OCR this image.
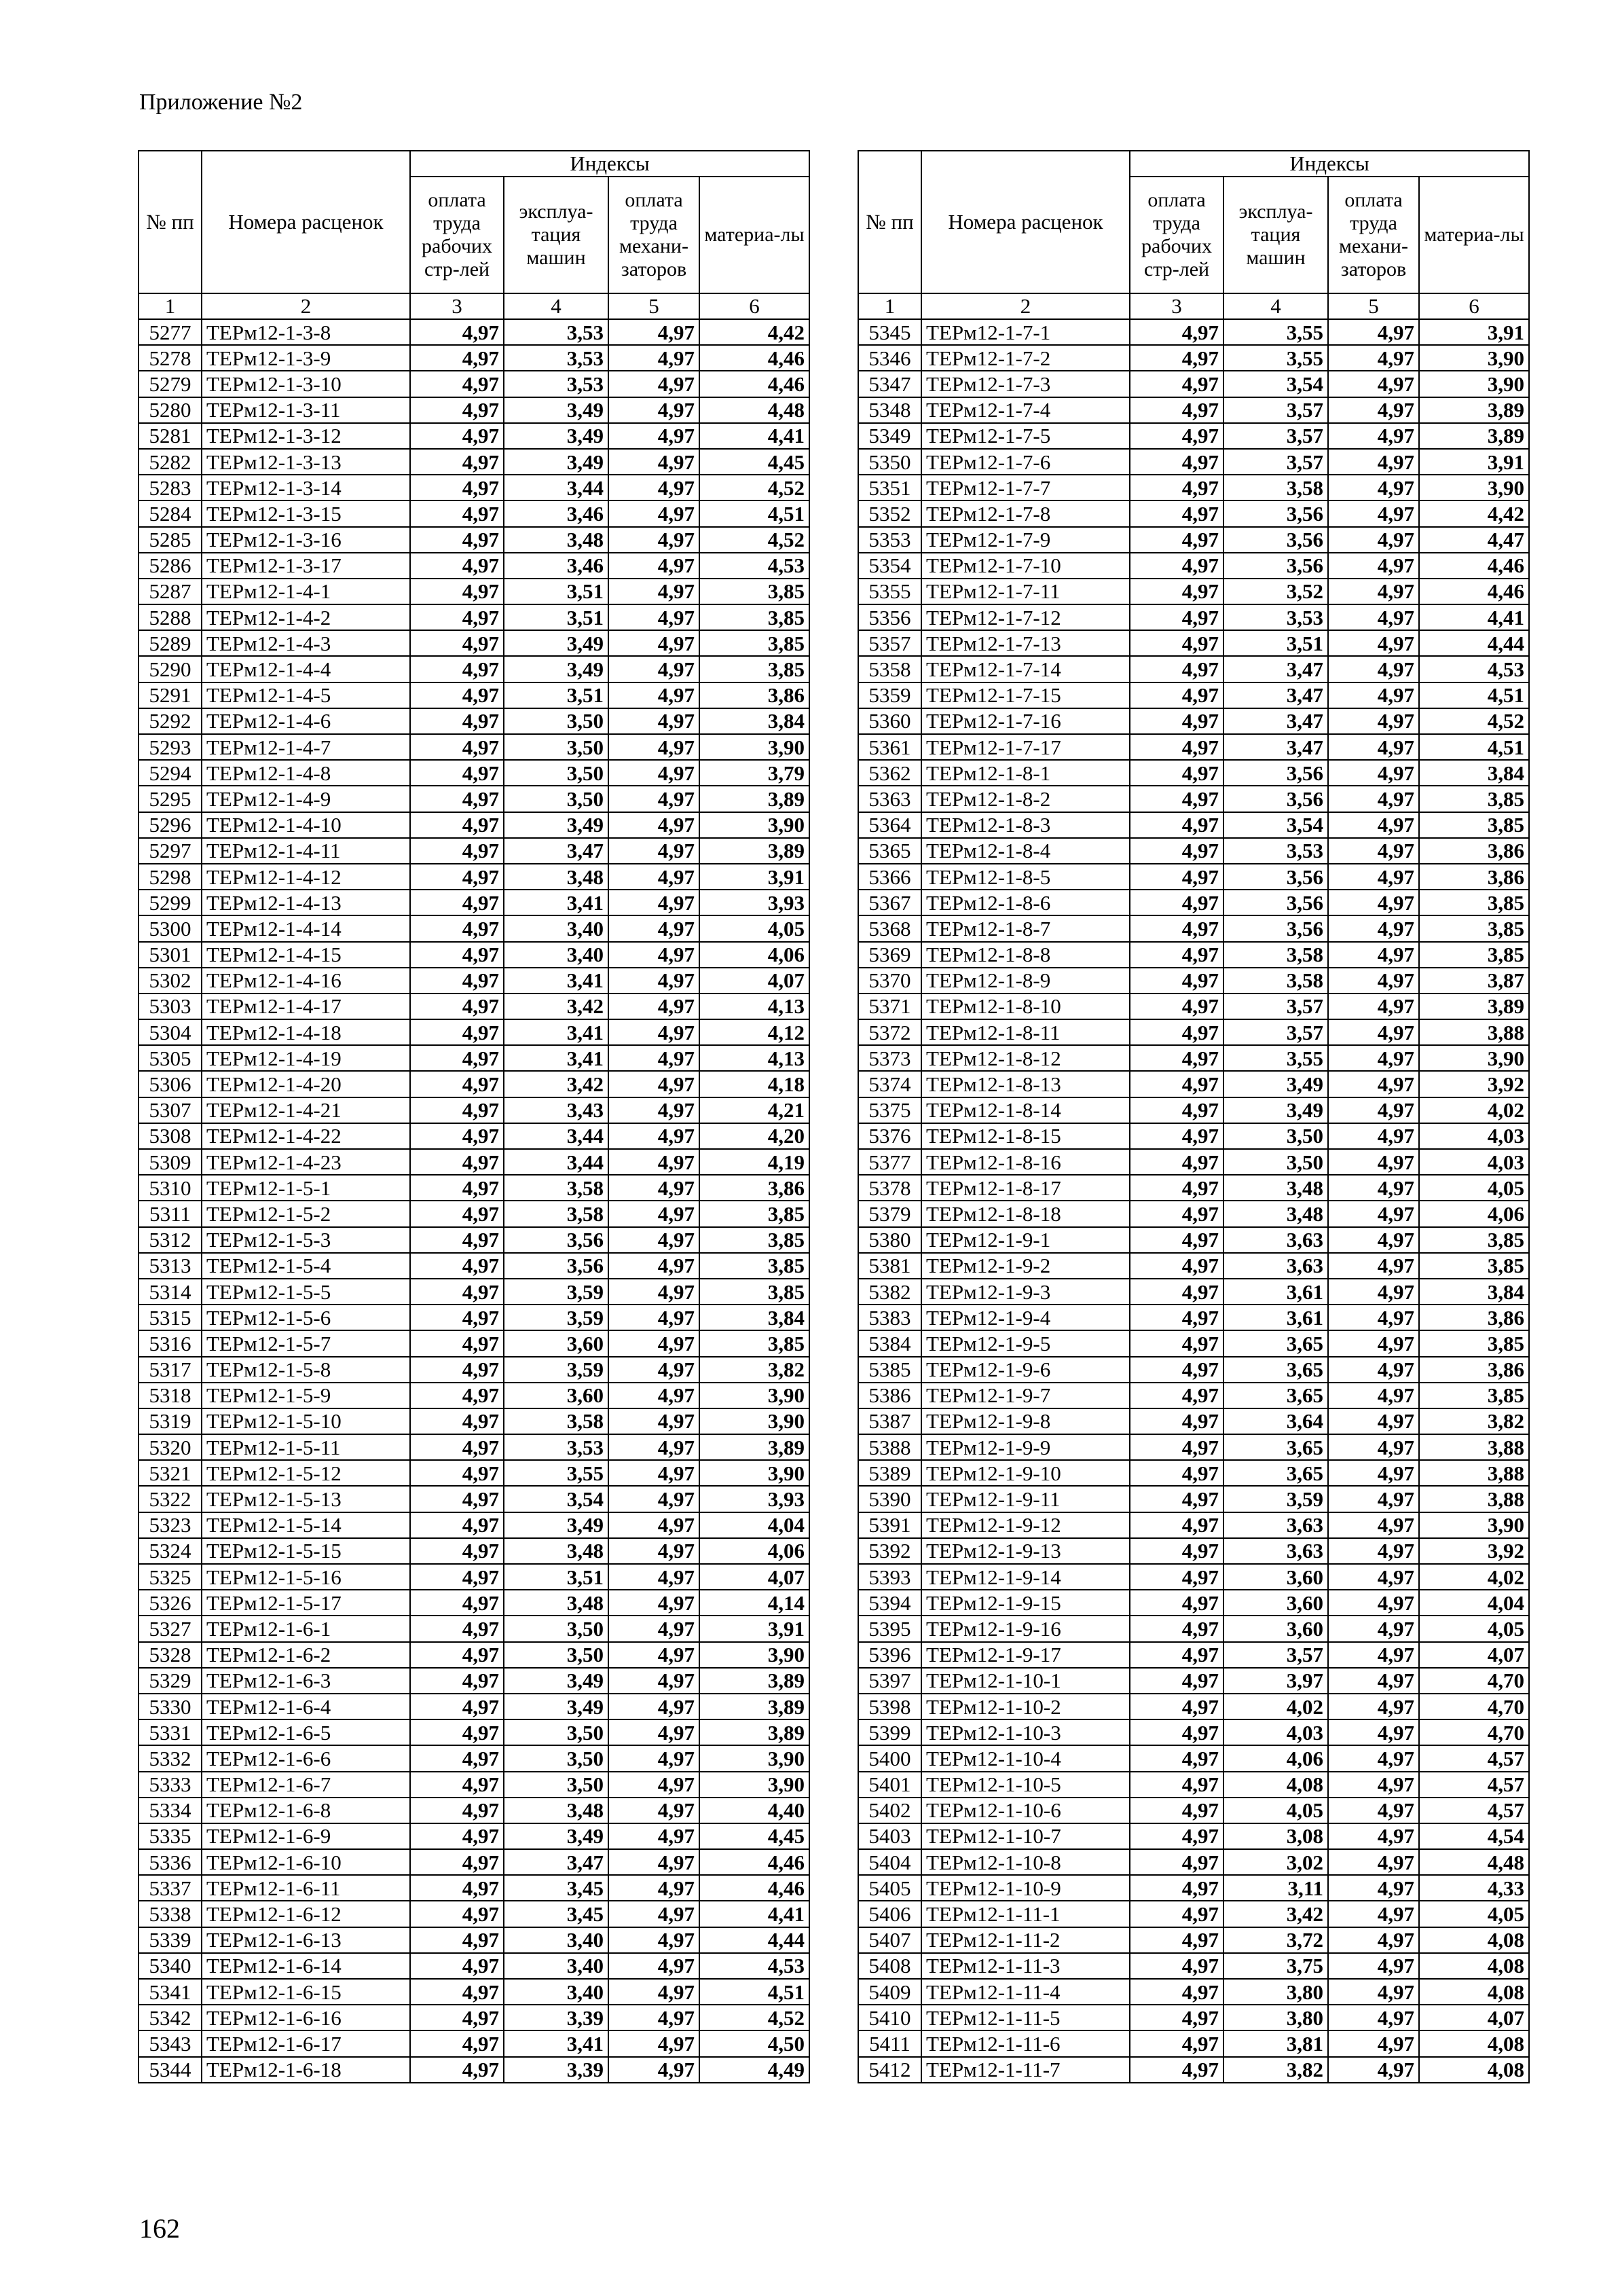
Приложение №2
№ пп	Номера расценок	Индексы			
		оплата труда рабочих стр-лей	эксплуа-тация машин	оплата труда механи-заторов	материа-лы
1	2	3	4	5	6
5277	ТЕРм12-1-3-8	4,97	3,53	4,97	4,42
5278	ТЕРм12-1-3-9	4,97	3,53	4,97	4,46
5279	ТЕРм12-1-3-10	4,97	3,53	4,97	4,46
5280	ТЕРм12-1-3-11	4,97	3,49	4,97	4,48
5281	ТЕРм12-1-3-12	4,97	3,49	4,97	4,41
5282	ТЕРм12-1-3-13	4,97	3,49	4,97	4,45
5283	ТЕРм12-1-3-14	4,97	3,44	4,97	4,52
5284	ТЕРм12-1-3-15	4,97	3,46	4,97	4,51
5285	ТЕРм12-1-3-16	4,97	3,48	4,97	4,52
5286	ТЕРм12-1-3-17	4,97	3,46	4,97	4,53
5287	ТЕРм12-1-4-1	4,97	3,51	4,97	3,85
5288	ТЕРм12-1-4-2	4,97	3,51	4,97	3,85
5289	ТЕРм12-1-4-3	4,97	3,49	4,97	3,85
5290	ТЕРм12-1-4-4	4,97	3,49	4,97	3,85
5291	ТЕРм12-1-4-5	4,97	3,51	4,97	3,86
5292	ТЕРм12-1-4-6	4,97	3,50	4,97	3,84
5293	ТЕРм12-1-4-7	4,97	3,50	4,97	3,90
5294	ТЕРм12-1-4-8	4,97	3,50	4,97	3,79
5295	ТЕРм12-1-4-9	4,97	3,50	4,97	3,89
5296	ТЕРм12-1-4-10	4,97	3,49	4,97	3,90
5297	ТЕРм12-1-4-11	4,97	3,47	4,97	3,89
5298	ТЕРм12-1-4-12	4,97	3,48	4,97	3,91
5299	ТЕРм12-1-4-13	4,97	3,41	4,97	3,93
5300	ТЕРм12-1-4-14	4,97	3,40	4,97	4,05
5301	ТЕРм12-1-4-15	4,97	3,40	4,97	4,06
5302	ТЕРм12-1-4-16	4,97	3,41	4,97	4,07
5303	ТЕРм12-1-4-17	4,97	3,42	4,97	4,13
5304	ТЕРм12-1-4-18	4,97	3,41	4,97	4,12
5305	ТЕРм12-1-4-19	4,97	3,41	4,97	4,13
5306	ТЕРм12-1-4-20	4,97	3,42	4,97	4,18
5307	ТЕРм12-1-4-21	4,97	3,43	4,97	4,21
5308	ТЕРм12-1-4-22	4,97	3,44	4,97	4,20
5309	ТЕРм12-1-4-23	4,97	3,44	4,97	4,19
5310	ТЕРм12-1-5-1	4,97	3,58	4,97	3,86
5311	ТЕРм12-1-5-2	4,97	3,58	4,97	3,85
5312	ТЕРм12-1-5-3	4,97	3,56	4,97	3,85
5313	ТЕРм12-1-5-4	4,97	3,56	4,97	3,85
5314	ТЕРм12-1-5-5	4,97	3,59	4,97	3,85
5315	ТЕРм12-1-5-6	4,97	3,59	4,97	3,84
5316	ТЕРм12-1-5-7	4,97	3,60	4,97	3,85
5317	ТЕРм12-1-5-8	4,97	3,59	4,97	3,82
5318	ТЕРм12-1-5-9	4,97	3,60	4,97	3,90
5319	ТЕРм12-1-5-10	4,97	3,58	4,97	3,90
5320	ТЕРм12-1-5-11	4,97	3,53	4,97	3,89
5321	ТЕРм12-1-5-12	4,97	3,55	4,97	3,90
5322	ТЕРм12-1-5-13	4,97	3,54	4,97	3,93
5323	ТЕРм12-1-5-14	4,97	3,49	4,97	4,04
5324	ТЕРм12-1-5-15	4,97	3,48	4,97	4,06
5325	ТЕРм12-1-5-16	4,97	3,51	4,97	4,07
5326	ТЕРм12-1-5-17	4,97	3,48	4,97	4,14
5327	ТЕРм12-1-6-1	4,97	3,50	4,97	3,91
5328	ТЕРм12-1-6-2	4,97	3,50	4,97	3,90
5329	ТЕРм12-1-6-3	4,97	3,49	4,97	3,89
5330	ТЕРм12-1-6-4	4,97	3,49	4,97	3,89
5331	ТЕРм12-1-6-5	4,97	3,50	4,97	3,89
5332	ТЕРм12-1-6-6	4,97	3,50	4,97	3,90
5333	ТЕРм12-1-6-7	4,97	3,50	4,97	3,90
5334	ТЕРм12-1-6-8	4,97	3,48	4,97	4,40
5335	ТЕРм12-1-6-9	4,97	3,49	4,97	4,45
5336	ТЕРм12-1-6-10	4,97	3,47	4,97	4,46
5337	ТЕРм12-1-6-11	4,97	3,45	4,97	4,46
5338	ТЕРм12-1-6-12	4,97	3,45	4,97	4,41
5339	ТЕРм12-1-6-13	4,97	3,40	4,97	4,44
5340	ТЕРм12-1-6-14	4,97	3,40	4,97	4,53
5341	ТЕРм12-1-6-15	4,97	3,40	4,97	4,51
5342	ТЕРм12-1-6-16	4,97	3,39	4,97	4,52
5343	ТЕРм12-1-6-17	4,97	3,41	4,97	4,50
5344	ТЕРм12-1-6-18	4,97	3,39	4,97	4,49
№ пп	Номера расценок	Индексы			
		оплата труда рабочих стр-лей	эксплуа-тация машин	оплата труда механи-заторов	материа-лы
1	2	3	4	5	6
5345	ТЕРм12-1-7-1	4,97	3,55	4,97	3,91
5346	ТЕРм12-1-7-2	4,97	3,55	4,97	3,90
5347	ТЕРм12-1-7-3	4,97	3,54	4,97	3,90
5348	ТЕРм12-1-7-4	4,97	3,57	4,97	3,89
5349	ТЕРм12-1-7-5	4,97	3,57	4,97	3,89
5350	ТЕРм12-1-7-6	4,97	3,57	4,97	3,91
5351	ТЕРм12-1-7-7	4,97	3,58	4,97	3,90
5352	ТЕРм12-1-7-8	4,97	3,56	4,97	4,42
5353	ТЕРм12-1-7-9	4,97	3,56	4,97	4,47
5354	ТЕРм12-1-7-10	4,97	3,56	4,97	4,46
5355	ТЕРм12-1-7-11	4,97	3,52	4,97	4,46
5356	ТЕРм12-1-7-12	4,97	3,53	4,97	4,41
5357	ТЕРм12-1-7-13	4,97	3,51	4,97	4,44
5358	ТЕРм12-1-7-14	4,97	3,47	4,97	4,53
5359	ТЕРм12-1-7-15	4,97	3,47	4,97	4,51
5360	ТЕРм12-1-7-16	4,97	3,47	4,97	4,52
5361	ТЕРм12-1-7-17	4,97	3,47	4,97	4,51
5362	ТЕРм12-1-8-1	4,97	3,56	4,97	3,84
5363	ТЕРм12-1-8-2	4,97	3,56	4,97	3,85
5364	ТЕРм12-1-8-3	4,97	3,54	4,97	3,85
5365	ТЕРм12-1-8-4	4,97	3,53	4,97	3,86
5366	ТЕРм12-1-8-5	4,97	3,56	4,97	3,86
5367	ТЕРм12-1-8-6	4,97	3,56	4,97	3,85
5368	ТЕРм12-1-8-7	4,97	3,56	4,97	3,85
5369	ТЕРм12-1-8-8	4,97	3,58	4,97	3,85
5370	ТЕРм12-1-8-9	4,97	3,58	4,97	3,87
5371	ТЕРм12-1-8-10	4,97	3,57	4,97	3,89
5372	ТЕРм12-1-8-11	4,97	3,57	4,97	3,88
5373	ТЕРм12-1-8-12	4,97	3,55	4,97	3,90
5374	ТЕРм12-1-8-13	4,97	3,49	4,97	3,92
5375	ТЕРм12-1-8-14	4,97	3,49	4,97	4,02
5376	ТЕРм12-1-8-15	4,97	3,50	4,97	4,03
5377	ТЕРм12-1-8-16	4,97	3,50	4,97	4,03
5378	ТЕРм12-1-8-17	4,97	3,48	4,97	4,05
5379	ТЕРм12-1-8-18	4,97	3,48	4,97	4,06
5380	ТЕРм12-1-9-1	4,97	3,63	4,97	3,85
5381	ТЕРм12-1-9-2	4,97	3,63	4,97	3,85
5382	ТЕРм12-1-9-3	4,97	3,61	4,97	3,84
5383	ТЕРм12-1-9-4	4,97	3,61	4,97	3,86
5384	ТЕРм12-1-9-5	4,97	3,65	4,97	3,85
5385	ТЕРм12-1-9-6	4,97	3,65	4,97	3,86
5386	ТЕРм12-1-9-7	4,97	3,65	4,97	3,85
5387	ТЕРм12-1-9-8	4,97	3,64	4,97	3,82
5388	ТЕРм12-1-9-9	4,97	3,65	4,97	3,88
5389	ТЕРм12-1-9-10	4,97	3,65	4,97	3,88
5390	ТЕРм12-1-9-11	4,97	3,59	4,97	3,88
5391	ТЕРм12-1-9-12	4,97	3,63	4,97	3,90
5392	ТЕРм12-1-9-13	4,97	3,63	4,97	3,92
5393	ТЕРм12-1-9-14	4,97	3,60	4,97	4,02
5394	ТЕРм12-1-9-15	4,97	3,60	4,97	4,04
5395	ТЕРм12-1-9-16	4,97	3,60	4,97	4,05
5396	ТЕРм12-1-9-17	4,97	3,57	4,97	4,07
5397	ТЕРм12-1-10-1	4,97	3,97	4,97	4,70
5398	ТЕРм12-1-10-2	4,97	4,02	4,97	4,70
5399	ТЕРм12-1-10-3	4,97	4,03	4,97	4,70
5400	ТЕРм12-1-10-4	4,97	4,06	4,97	4,57
5401	ТЕРм12-1-10-5	4,97	4,08	4,97	4,57
5402	ТЕРм12-1-10-6	4,97	4,05	4,97	4,57
5403	ТЕРм12-1-10-7	4,97	3,08	4,97	4,54
5404	ТЕРм12-1-10-8	4,97	3,02	4,97	4,48
5405	ТЕРм12-1-10-9	4,97	3,11	4,97	4,33
5406	ТЕРм12-1-11-1	4,97	3,42	4,97	4,05
5407	ТЕРм12-1-11-2	4,97	3,72	4,97	4,08
5408	ТЕРм12-1-11-3	4,97	3,75	4,97	4,08
5409	ТЕРм12-1-11-4	4,97	3,80	4,97	4,08
5410	ТЕРм12-1-11-5	4,97	3,80	4,97	4,07
5411	ТЕРм12-1-11-6	4,97	3,81	4,97	4,08
5412	ТЕРм12-1-11-7	4,97	3,82	4,97	4,08
162
